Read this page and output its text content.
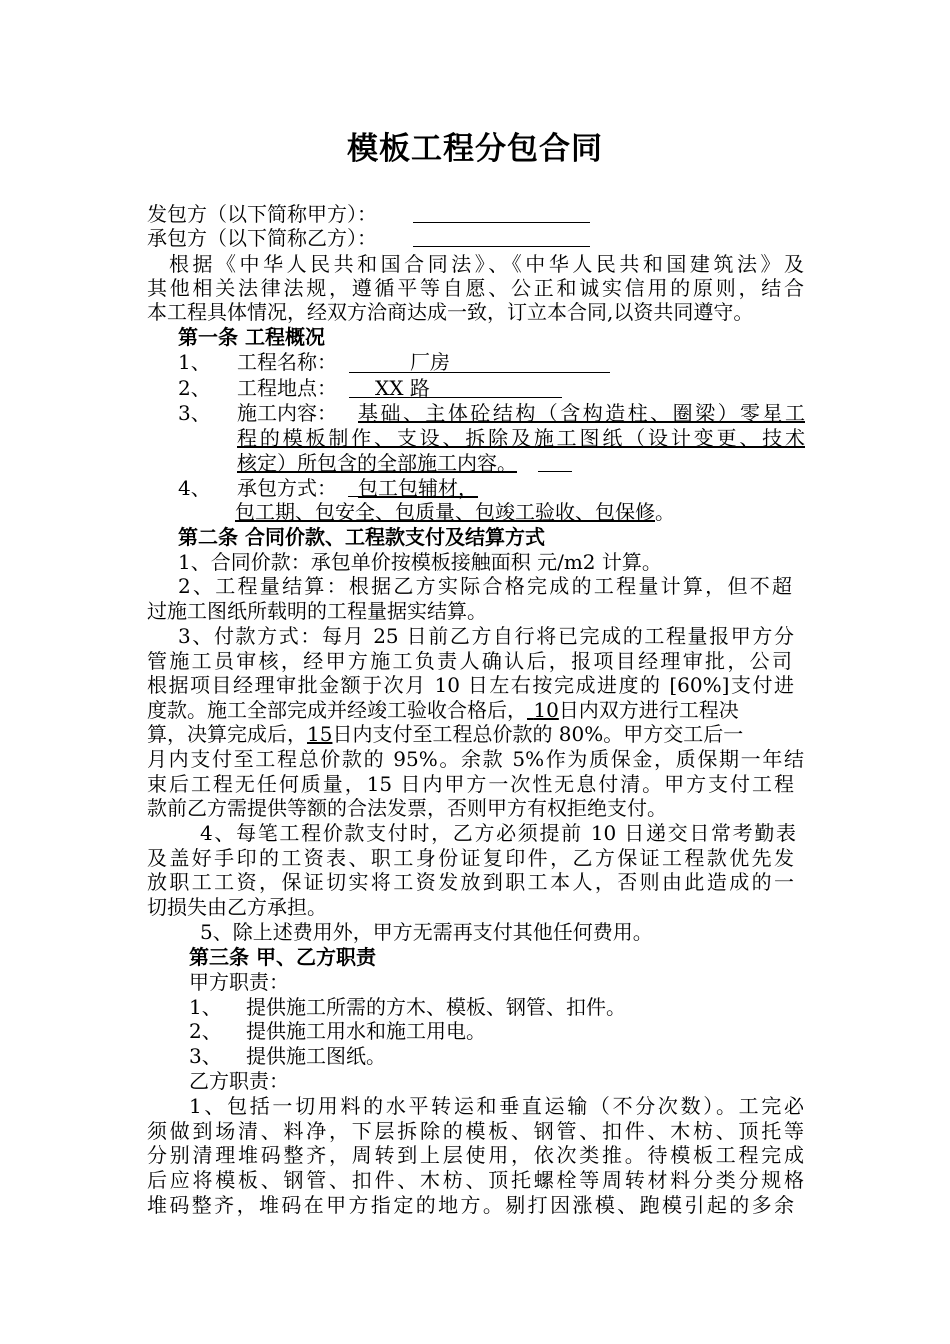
模板工程分包合同
发包方（以下简称甲方）：
承包方（以下简称乙方）：
根据《中华人民共和国合同法》、《中华人民共和国建筑法》及
其他相关法律法规，遵循平等自愿、公正和诚实信用的原则，结合
本工程具体情况，经双方洽商达成一致，订立本合同,以资共同遵守。
第一条 工程概况
1、 工程名称：	厂房
2、 工程地点： XX 路
3、 施工内容：	基础、主体砼结构（含构造柱、圈梁）零星工
程的模板制作、支设、拆除及施工图纸（设计变更、技术
核定）所包含的全部施工内容。
4、 承包方式： 包工包辅材，
包工期、包安全、包质量、包竣工验收、包保修。
第二条 合同价款、工程款支付及结算方式
1、合同价款：承包单价按模板接触面积 元/m2 计算。
2、工程量结算：根据乙方实际合格完成的工程量计算，但不超
过施工图纸所载明的工程量据实结算。
3、付款方式：每月 25 日前乙方自行将已完成的工程量报甲方分
管施工员审核，经甲方施工负责人确认后，报项目经理审批，公司
根据项目经理审批金额于次月 10 日左右按完成进度的 [60%]支付进
度款。施工全部完成并经竣工验收合格后， 10日内双方进行工程决
算，决算完成后，15日内支付至工程总价款的 80%。甲方交工后一
月内支付至工程总价款的 95%。余款 5%作为质保金，质保期一年结
束后工程无任何质量，15 日内甲方一次性无息付清。甲方支付工程
款前乙方需提供等额的合法发票，否则甲方有权拒绝支付。
4、每笔工程价款支付时，乙方必须提前 10 日递交日常考勤表
及盖好手印的工资表、职工身份证复印件，乙方保证工程款优先发
放职工工资，保证切实将工资发放到职工本人，否则由此造成的一
切损失由乙方承担。
5、除上述费用外，甲方无需再支付其他任何费用。
第三条 甲、乙方职责
甲方职责：
1、 提供施工所需的方木、模板、钢管、扣件。
2、 提供施工用水和施工用电。
3、 提供施工图纸。
乙方职责：
1、包括一切用料的水平转运和垂直运输（不分次数）。工完必
须做到场清、料净，下层拆除的模板、钢管、扣件、木枋、顶托等
分别清理堆码整齐，周转到上层使用，依次类推。待模板工程完成
后应将模板、钢管、扣件、木枋、顶托螺栓等周转材料分类分规格
堆码整齐，堆码在甲方指定的地方。剔打因涨模、跑模引起的多余
